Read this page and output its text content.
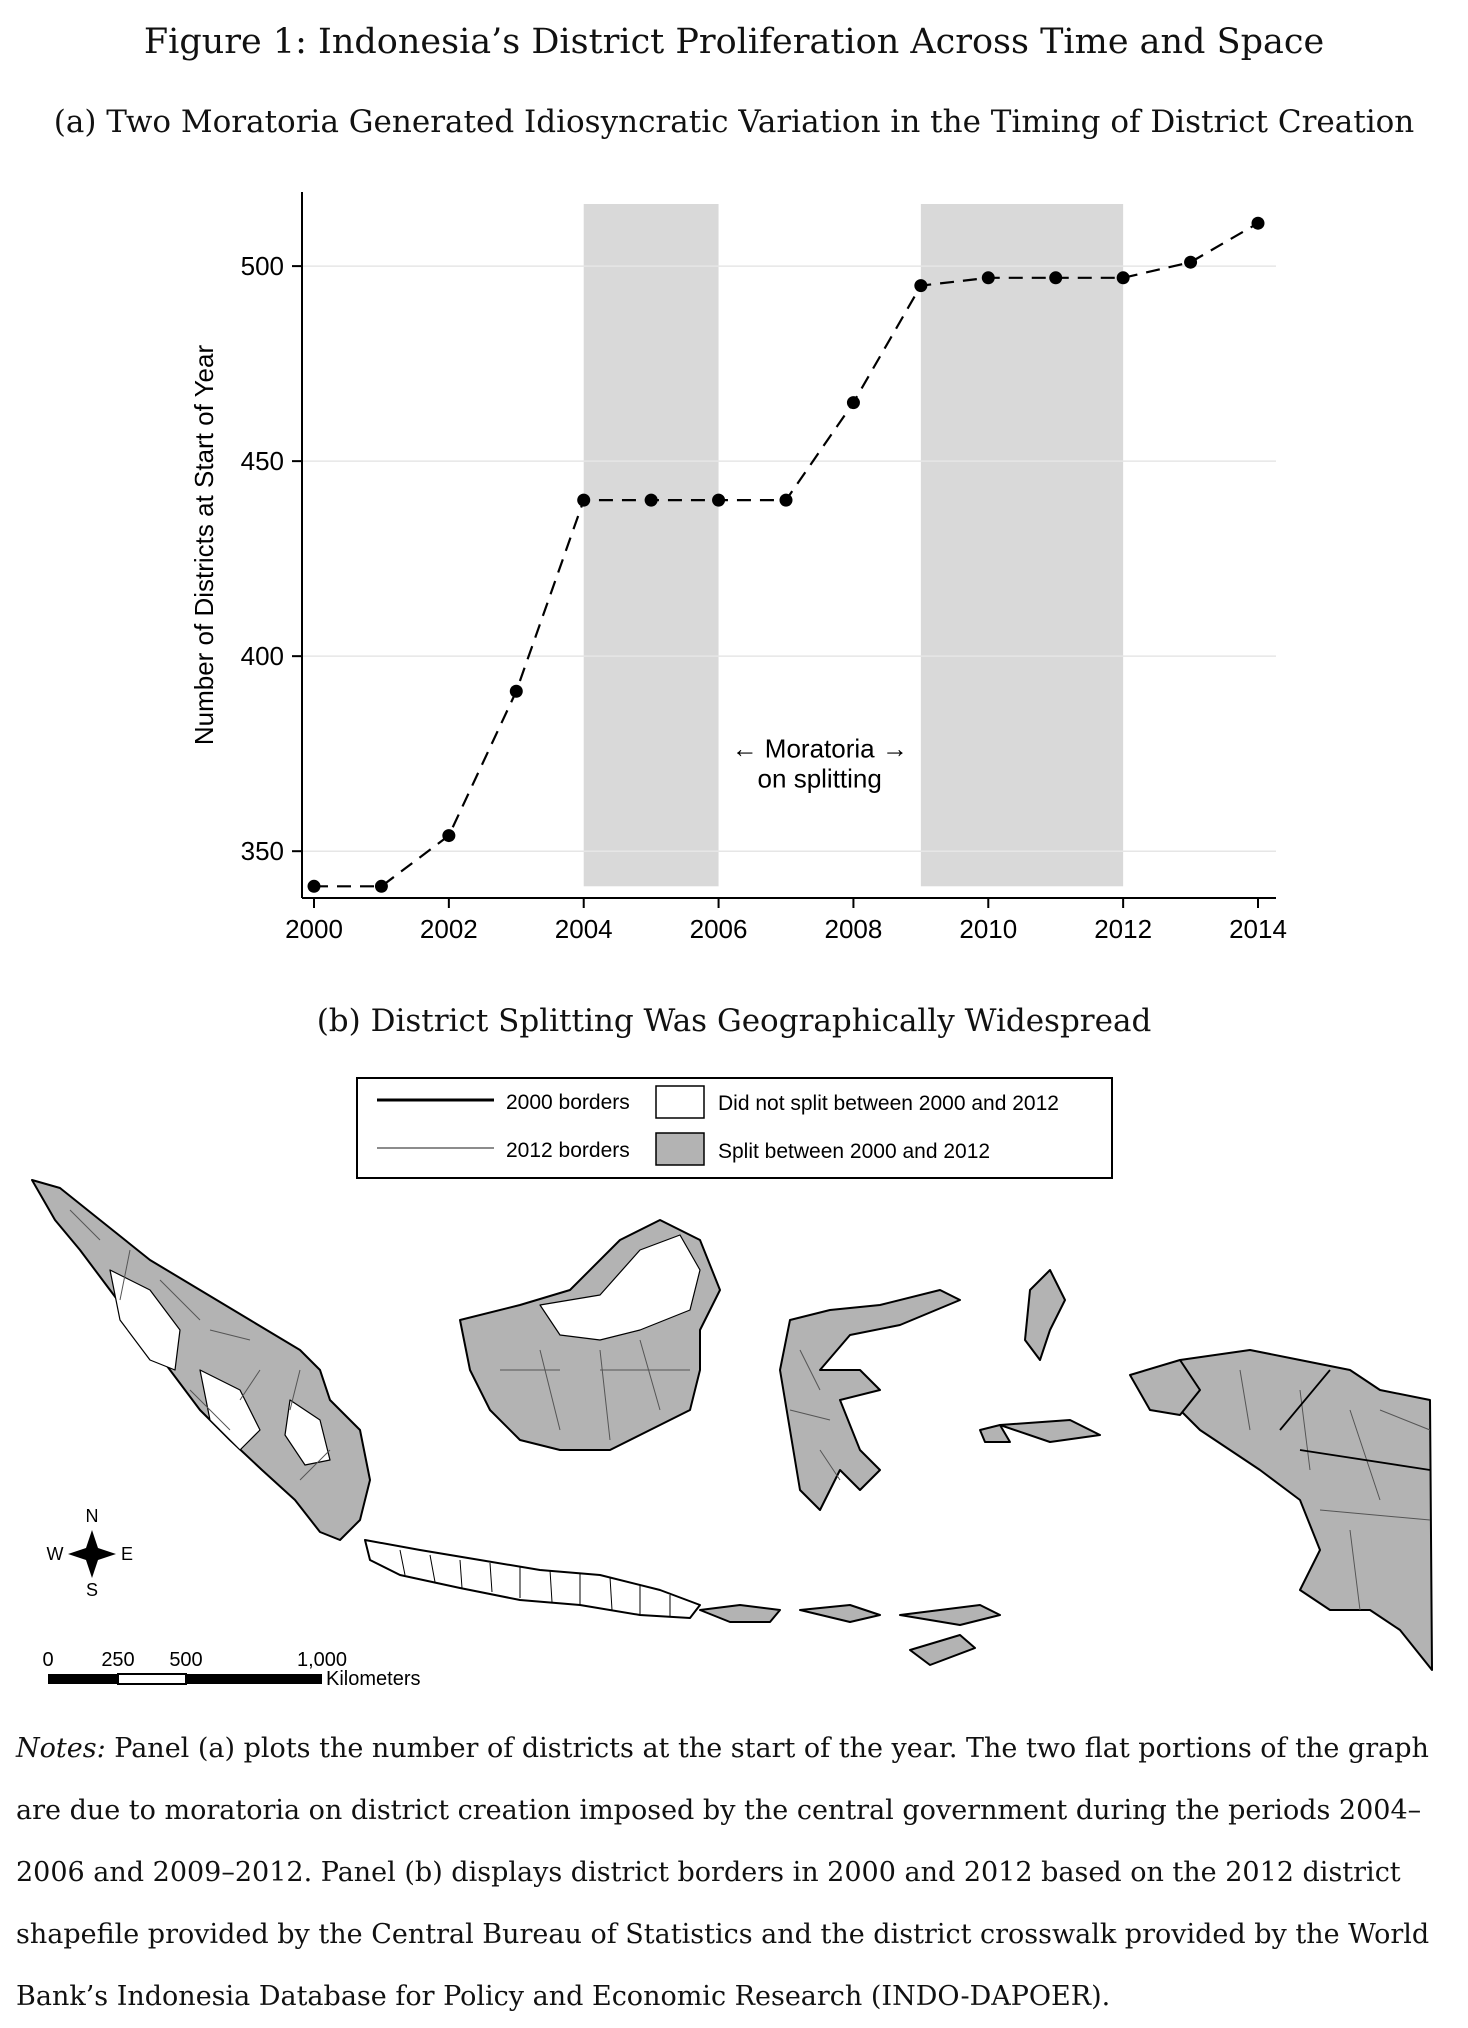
Figure 1: Indonesia’s District Proliferation Across Time and Space
(a) Two Moratoria Generated Idiosyncratic Variation in the Timing of District Creation
350
400
450
500
2000	2002	2004	2006	2008	2010	2012	2014
Number of Districts at Start of Year
← Moratoria →
on splitting
(b) District Splitting Was Geographically Widespread
2000 borders
2012 borders
Did not split between 2000 and 2012
Split between 2000 and 2012
N
S
E
W
0 250 500	1,000
Kilometers

Notes: Panel (a) plots the number of districts at the start of the year. The two flat portions of the graph are due to moratoria on district creation imposed by the central government during the periods 2004–2006 and 2009–2012. Panel (b) displays district borders in 2000 and 2012 based on the 2012 district shapefile provided by the Central Bureau of Statistics and the district crosswalk provided by the World Bank’s Indonesia Database for Policy and Economic Research (INDO-DAPOER).
